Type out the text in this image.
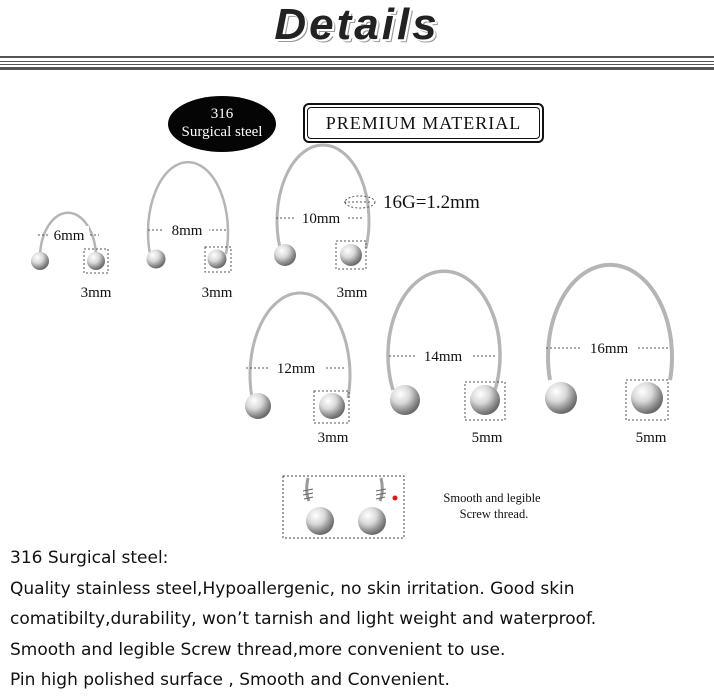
Details
316
Surgical steel	PREMIUM MATERIAL
6mm
3mm
8mm
3mm
10mm
3mm
16G=1.2mm
12mm
3mm
14mm
5mm
16mm
5mm
Smooth and legible
Screw thread.

316 Surgical steel:

Quality stainless steel,Hypoallergenic, no skin irritation. Good skin

comatibilty,durability, won’t tarnish and light weight and waterproof.

Smooth and legible Screw thread,more convenient to use.

Pin high polished surface , Smooth and Convenient.
